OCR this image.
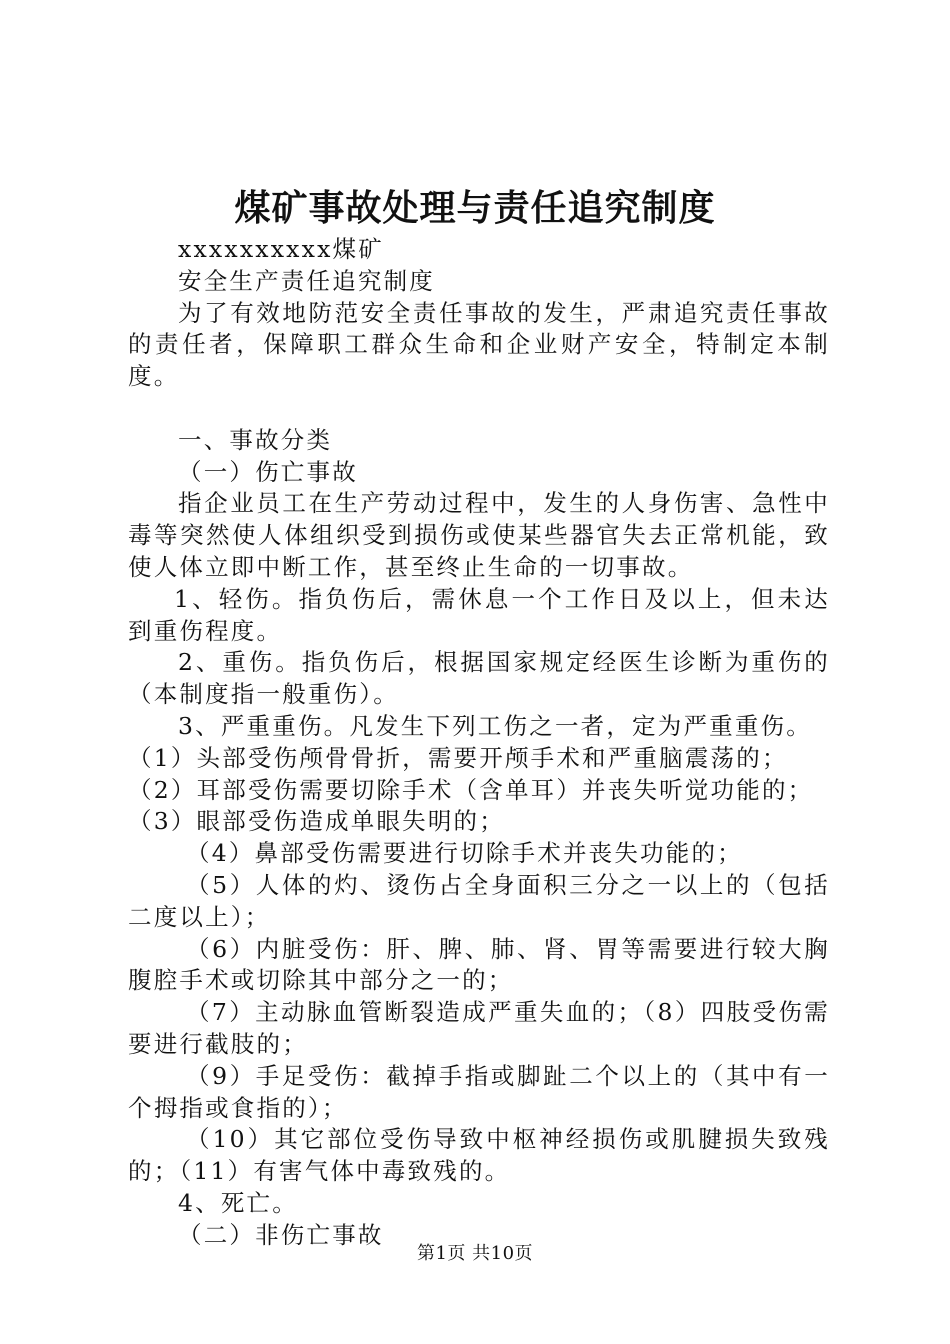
煤矿事故处理与责任追究制度

xxxxxxxxxx煤矿

安全生产责任追究制度

为了有效地防范安全责任事故的发生，严肃追究责任事故的责任者，保障职工群众生命和企业财产安全，特制定本制度。

一、事故分类

（一）伤亡事故

指企业员工在生产劳动过程中，发生的人身伤害、急性中毒等突然使人体组织受到损伤或使某些器官失去正常机能，致使人体立即中断工作，甚至终止生命的一切事故。

1、轻伤。指负伤后，需休息一个工作日及以上，但未达到重伤程度。

2、重伤。指负伤后，根据国家规定经医生诊断为重伤的（本制度指一般重伤）。

3、严重重伤。凡发生下列工伤之一者，定为严重重伤。

（1）头部受伤颅骨骨折，需要开颅手术和严重脑震荡的；

（2）耳部受伤需要切除手术（含单耳）并丧失听觉功能的；

（3）眼部受伤造成单眼失明的；

（4）鼻部受伤需要进行切除手术并丧失功能的；

（5）人体的灼、烫伤占全身面积三分之一以上的（包括二度以上）；

（6）内脏受伤：肝、脾、肺、肾、胃等需要进行较大胸腹腔手术或切除其中部分之一的；

（7）主动脉血管断裂造成严重失血的；（8）四肢受伤需要进行截肢的；

（9）手足受伤：截掉手指或脚趾二个以上的（其中有一个拇指或食指的）；

（10）其它部位受伤导致中枢神经损伤或肌腱损失致残的；（11）有害气体中毒致残的。

4、死亡。

（二）非伤亡事故

第1页 共10页
